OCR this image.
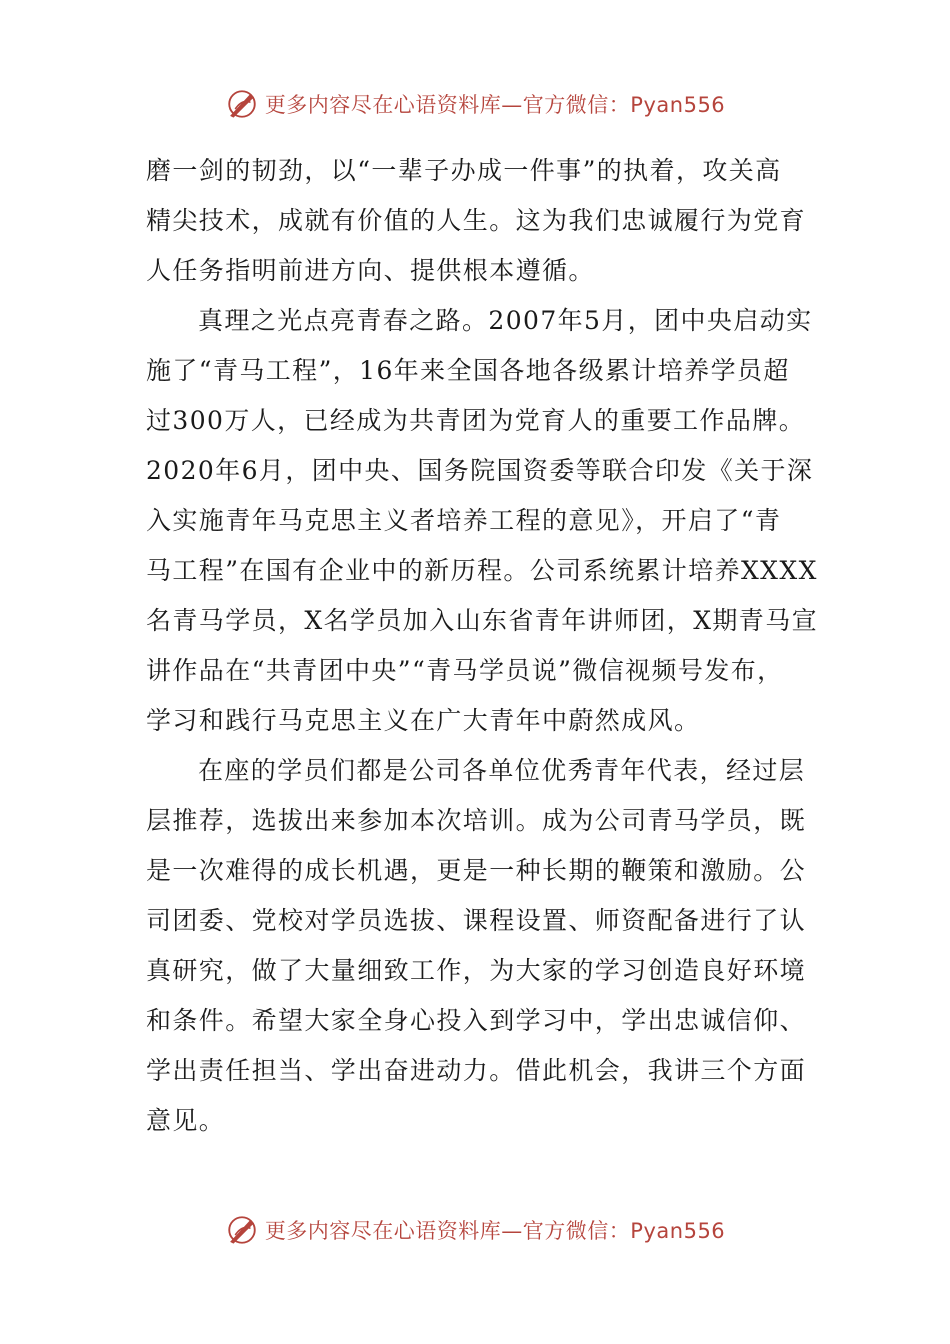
更多内容尽在心语资料库—官方微信：Pyan556
磨一剑的韧劲，以“一辈子办成一件事”的执着，攻关高
精尖技术，成就有价值的人生。这为我们忠诚履行为党育
人任务指明前进方向、提供根本遵循。
真理之光点亮青春之路。2007年5月，团中央启动实
施了“青马工程”，16年来全国各地各级累计培养学员超
过300万人，已经成为共青团为党育人的重要工作品牌。
2020年6月，团中央、国务院国资委等联合印发《关于深
入实施青年马克思主义者培养工程的意见》，开启了“青
马工程”在国有企业中的新历程。公司系统累计培养XXXX
名青马学员，X名学员加入山东省青年讲师团，X期青马宣
讲作品在“共青团中央”“青马学员说”微信视频号发布，
学习和践行马克思主义在广大青年中蔚然成风。
在座的学员们都是公司各单位优秀青年代表，经过层
层推荐，选拔出来参加本次培训。成为公司青马学员，既
是一次难得的成长机遇，更是一种长期的鞭策和激励。公
司团委、党校对学员选拔、课程设置、师资配备进行了认
真研究，做了大量细致工作，为大家的学习创造良好环境
和条件。希望大家全身心投入到学习中，学出忠诚信仰、
学出责任担当、学出奋进动力。借此机会，我讲三个方面
意见。
更多内容尽在心语资料库—官方微信：Pyan556
